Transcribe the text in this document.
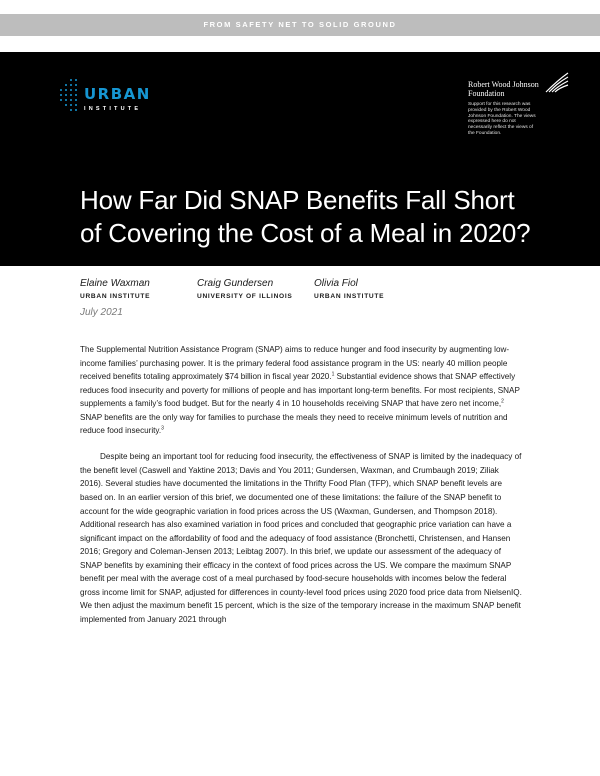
FROM SAFETY NET TO SOLID GROUND
URBAN
INSTITUTE
Robert Wood Johnson
Foundation
Support for this research was provided by the Robert Wood Johnson Foundation. The views expressed here do not necessarily reflect the views of the Foundation.
How Far Did SNAP Benefits Fall Short
of Covering the Cost of a Meal in 2020?
Elaine Waxman
URBAN INSTITUTE
Craig Gundersen
UNIVERSITY OF ILLINOIS
Olivia Fiol
URBAN INSTITUTE
July 2021

The Supplemental Nutrition Assistance Program (SNAP) aims to reduce hunger and food insecurity by augmenting low-income families’ purchasing power. It is the primary federal food assistance program in the US: nearly 40 million people received benefits totaling approximately $74 billion in fiscal year 2020.$^1$ Substantial evidence shows that SNAP effectively reduces food insecurity and poverty for millions of people and has important long-term benefits. For most recipients, SNAP supplements a family’s food budget. But for the nearly 4 in 10 households receiving SNAP that have zero net income,$^2$ SNAP benefits are the only way for families to purchase the meals they need to receive minimum levels of nutrition and reduce food insecurity.$^3$

Despite being an important tool for reducing food insecurity, the effectiveness of SNAP is limited by the inadequacy of the benefit level (Caswell and Yaktine 2013; Davis and You 2011; Gundersen, Waxman, and Crumbaugh 2019; Ziliak 2016). Several studies have documented the limitations in the Thrifty Food Plan (TFP), which SNAP benefit levels are based on. In an earlier version of this brief, we documented one of these limitations: the failure of the SNAP benefit to account for the wide geographic variation in food prices across the US (Waxman, Gundersen, and Thompson 2018). Additional research has also examined variation in food prices and concluded that geographic price variation can have a significant impact on the affordability of food and the adequacy of food assistance (Bronchetti, Christensen, and Hansen 2016; Gregory and Coleman-Jensen 2013; Leibtag 2007). In this brief, we update our assessment of the adequacy of SNAP benefits by examining their efficacy in the context of food prices across the US. We compare the maximum SNAP benefit per meal with the average cost of a meal purchased by food-secure households with incomes below the federal gross income limit for SNAP, adjusted for differences in county-level food prices using 2020 food price data from NielsenIQ. We then adjust the maximum benefit 15 percent, which is the size of the temporary increase in the maximum SNAP benefit implemented from January 2021 through
